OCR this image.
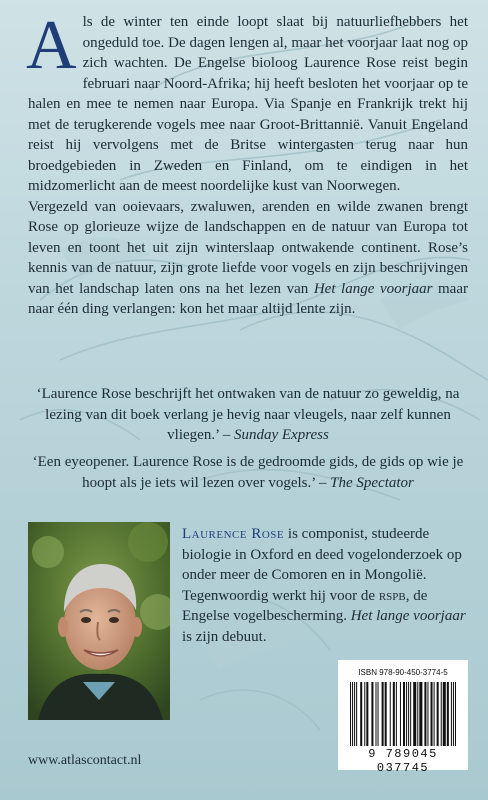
Als de winter ten einde loopt slaat bij natuurliefhebbers het ongeduld toe. De dagen lengen al, maar het voorjaar laat nog op zich wachten. De Engelse bioloog Laurence Rose reist begin februari naar Noord-Afrika; hij heeft besloten het voorjaar op te halen en mee te nemen naar Europa. Via Spanje en Frankrijk trekt hij met de terugkerende vogels mee naar Groot-Brittannië. Vanuit Engeland reist hij vervolgens met de Britse wintergasten terug naar hun broedgebieden in Zweden en Finland, om te eindigen in het midzomerlicht aan de meest noordelijke kust van Noorwegen.

Vergezeld van ooievaars, zwaluwen, arenden en wilde zwanen brengt Rose op glorieuze wijze de landschappen en de natuur van Europa tot leven en toont het uit zijn winterslaap ontwakende continent. Rose’s kennis van de natuur, zijn grote liefde voor vogels en zijn beschrijvingen van het landschap laten ons na het lezen van Het lange voorjaar maar naar één ding verlangen: kon het maar altijd lente zijn.

‘Laurence Rose beschrijft het ontwaken van de natuur zo geweldig, na lezing van dit boek verlang je hevig naar vleugels, naar zelf kunnen vliegen.’ – Sunday Express
‘Een eyeopener. Laurence Rose is de gedroomde gids, de gids op wie je hoopt als je iets wil lezen over vogels.’ – The Spectator
Laurence Rose is componist, studeerde biologie in Oxford en deed vogelonderzoek op onder meer de Comoren en in Mongolië. Tegenwoordig werkt hij voor de rspb, de Engelse vogelbescherming. Het lange voorjaar is zijn debuut.
ISBN 978-90-450-3774-5
9 789045 037745
www.atlascontact.nl
